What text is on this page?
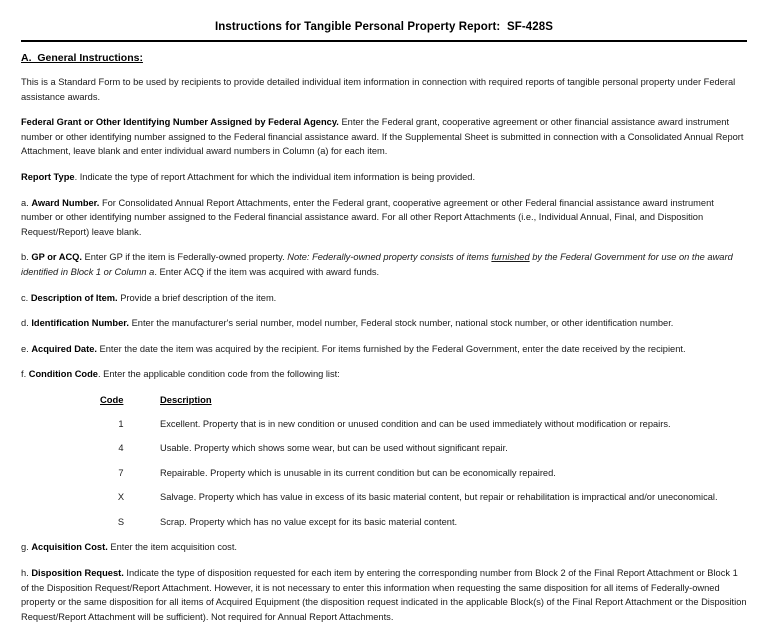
Instructions for Tangible Personal Property Report:  SF-428S
A.  General Instructions:

This is a Standard Form to be used by recipients to provide detailed individual item information in connection with required reports of tangible personal property under Federal assistance awards.

Federal Grant or Other Identifying Number Assigned by Federal Agency. Enter the Federal grant, cooperative agreement or other financial assistance award instrument number or other identifying number assigned to the Federal financial assistance award. If the Supplemental Sheet is submitted in connection with a Consolidated Annual Report Attachment, leave blank and enter individual award numbers in Column (a) for each item.

Report Type. Indicate the type of report Attachment for which the individual item information is being provided.

a. Award Number. For Consolidated Annual Report Attachments, enter the Federal grant, cooperative agreement or other Federal financial assistance award instrument number or other identifying number assigned to the Federal financial assistance award. For all other Report Attachments (i.e., Individual Annual, Final, and Disposition Request/Report) leave blank.

b. GP or ACQ. Enter GP if the item is Federally-owned property. Note: Federally-owned property consists of items furnished by the Federal Government for use on the award identified in Block 1 or Column a. Enter ACQ if the item was acquired with award funds.

c. Description of Item. Provide a brief description of the item.

d. Identification Number. Enter the manufacturer's serial number, model number, Federal stock number, national stock number, or other identification number.

e. Acquired Date. Enter the date the item was acquired by the recipient. For items furnished by the Federal Government, enter the date received by the recipient.

f. Condition Code. Enter the applicable condition code from the following list:

Code	Description
1	Excellent. Property that is in new condition or unused condition and can be used immediately without modification or repairs.
4	Usable. Property which shows some wear, but can be used without significant repair.
7	Repairable. Property which is unusable in its current condition but can be economically repaired.
X	Salvage. Property which has value in excess of its basic material content, but repair or rehabilitation is impractical and/or uneconomical.
S	Scrap. Property which has no value except for its basic material content.

g. Acquisition Cost. Enter the item acquisition cost.

h. Disposition Request. Indicate the type of disposition requested for each item by entering the corresponding number from Block 2 of the Final Report Attachment or Block 1 of the Disposition Request/Report Attachment. However, it is not necessary to enter this information when requesting the same disposition for all items of Federally-owned property or the same disposition for all items of Acquired Equipment (the disposition request indicated in the applicable Block(s) of the Final Report Attachment or the Disposition Request/Report Attachment will be sufficient). Not required for Annual Report Attachments.
